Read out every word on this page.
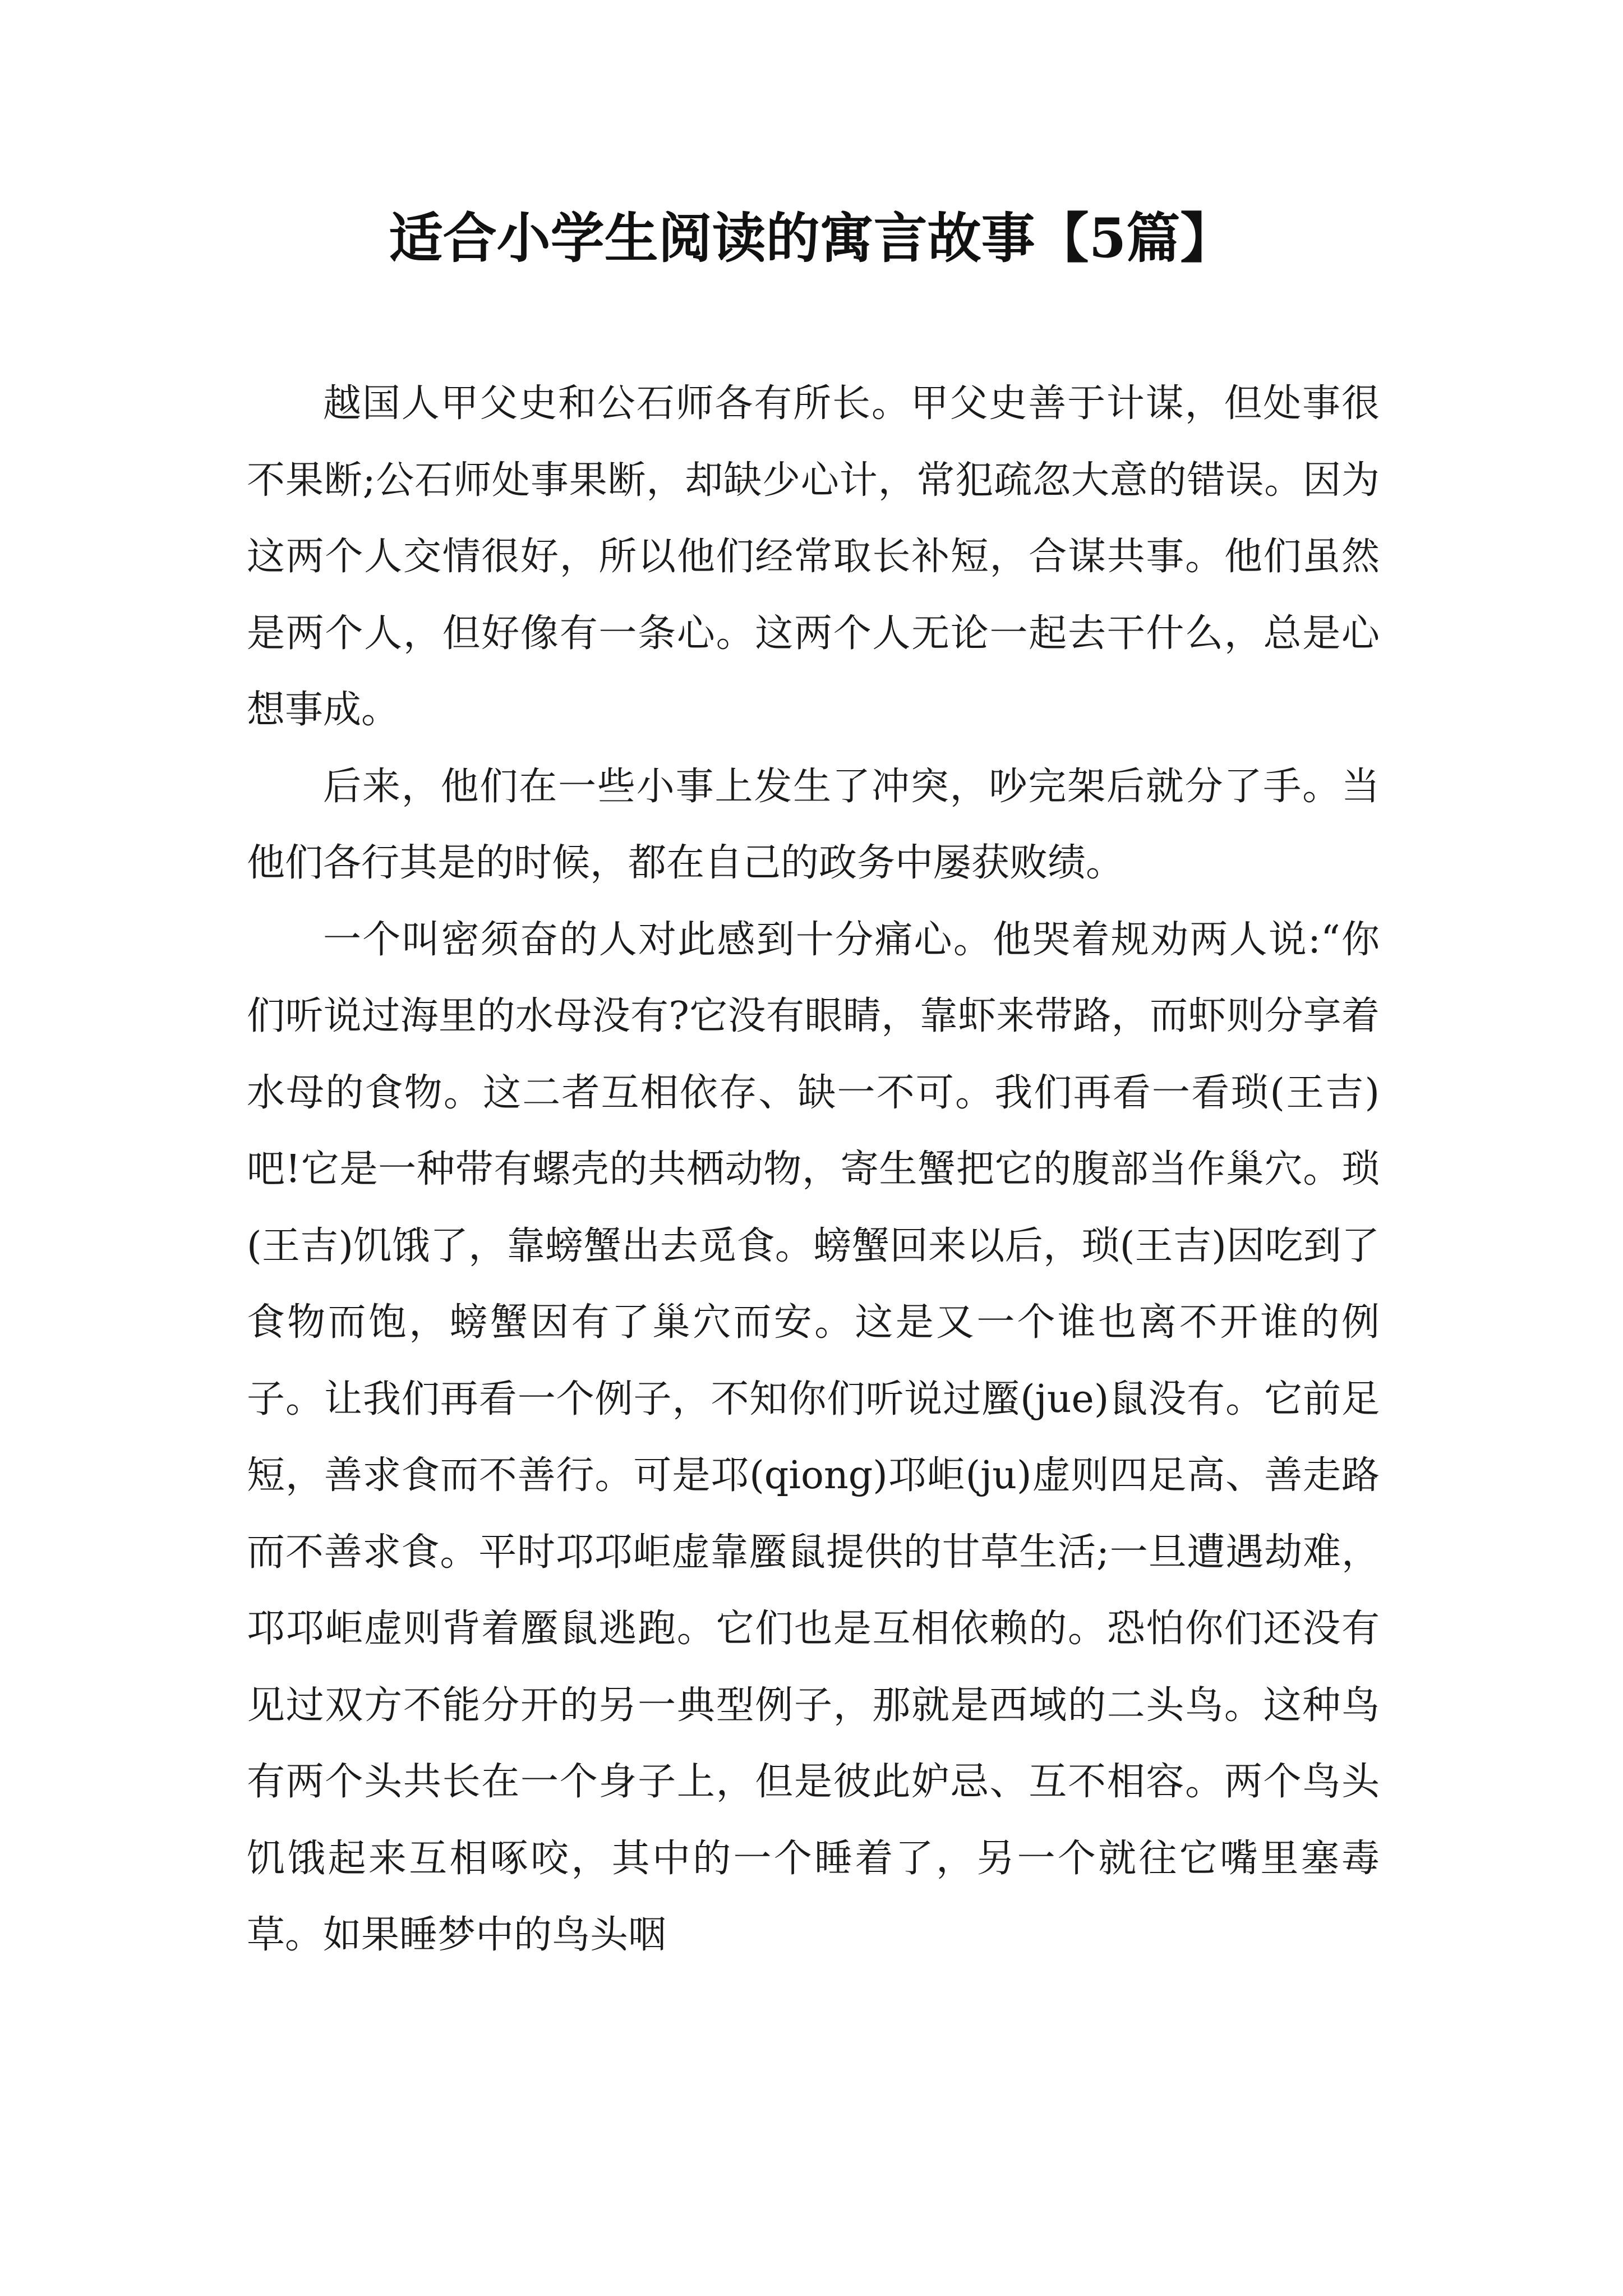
适合小学生阅读的寓言故事【5篇】

越国人甲父史和公石师各有所长。甲父史善于计谋，但处事很不果断;公石师处事果断，却缺少心计，常犯疏忽大意的错误。因为这两个人交情很好，所以他们经常取长补短，合谋共事。他们虽然是两个人，但好像有一条心。这两个人无论一起去干什么，总是心想事成。

后来，他们在一些小事上发生了冲突，吵完架后就分了手。当他们各行其是的时候，都在自己的政务中屡获败绩。

一个叫密须奋的人对此感到十分痛心。他哭着规劝两人说:“你们听说过海里的水母没有?它没有眼睛，靠虾来带路，而虾则分享着水母的食物。这二者互相依存、缺一不可。我们再看一看琐(王吉)吧!它是一种带有螺壳的共栖动物，寄生蟹把它的腹部当作巢穴。琐(王吉)饥饿了，靠螃蟹出去觅食。螃蟹回来以后，琐(王吉)因吃到了食物而饱，螃蟹因有了巢穴而安。这是又一个谁也离不开谁的例子。让我们再看一个例子，不知你们听说过蟨(jue)鼠没有。它前足短，善求食而不善行。可是邛(qiong)邛岠(ju)虚则四足高、善走路而不善求食。平时邛邛岠虚靠蟨鼠提供的甘草生活;一旦遭遇劫难，邛邛岠虚则背着蟨鼠逃跑。它们也是互相依赖的。恐怕你们还没有见过双方不能分开的另一典型例子，那就是西域的二头鸟。这种鸟有两个头共长在一个身子上，但是彼此妒忌、互不相容。两个鸟头饥饿起来互相啄咬，其中的一个睡着了，另一个就往它嘴里塞毒草。如果睡梦中的鸟头咽
